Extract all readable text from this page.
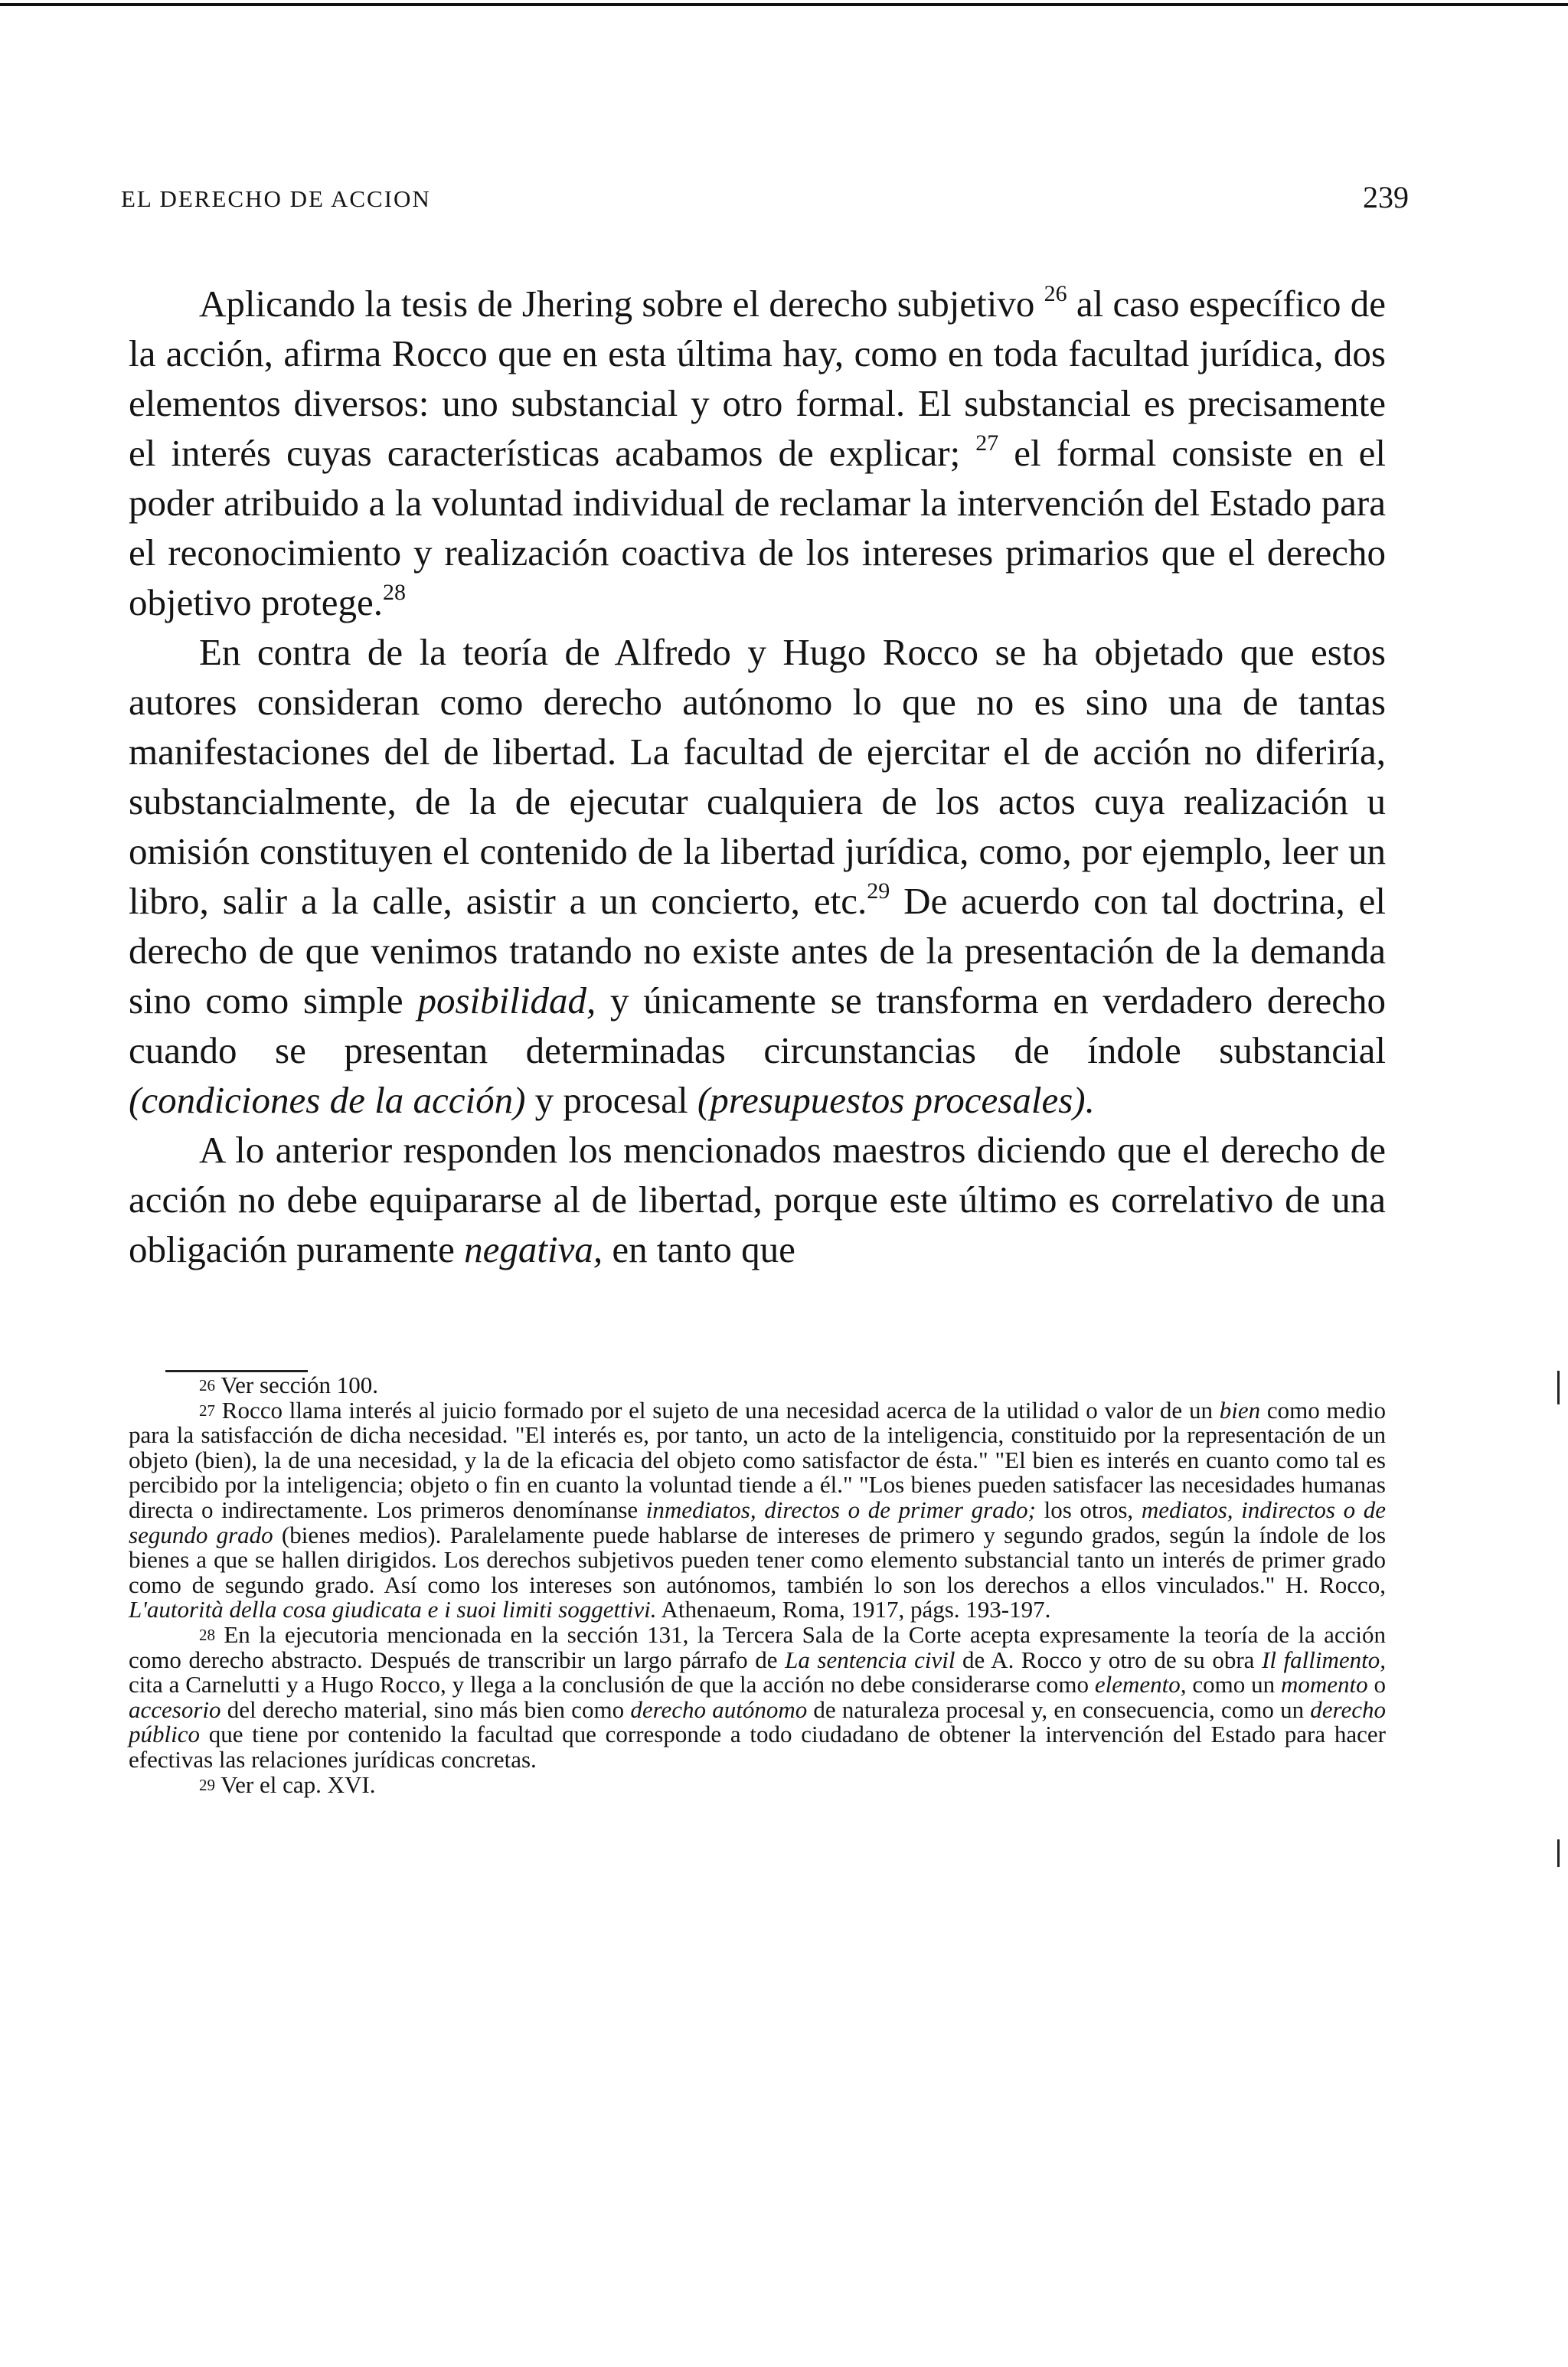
EL DERECHO DE ACCION	239

Aplicando la tesis de Jhering sobre el derecho subjetivo $^{26}$ al caso específico de la acción, afirma Rocco que en esta última hay, como en toda facultad jurídica, dos elementos diversos: uno substancial y otro formal. El substancial es precisamente el interés cuyas características acabamos de explicar; $^{27}$ el formal consiste en el poder atribuido a la voluntad individual de reclamar la intervención del Estado para el reconocimiento y realización coactiva de los intereses primarios que el derecho objetivo protege.$^{28}$

En contra de la teoría de Alfredo y Hugo Rocco se ha objetado que estos autores consideran como derecho autónomo lo que no es sino una de tantas manifestaciones del de libertad. La facultad de ejercitar el de acción no diferiría, substancialmente, de la de ejecutar cualquiera de los actos cuya realización u omisión constituyen el contenido de la libertad jurídica, como, por ejemplo, leer un libro, salir a la calle, asistir a un concierto, etc.$^{29}$ De acuerdo con tal doctrina, el derecho de que venimos tratando no existe antes de la presentación de la demanda sino como simple posibilidad, y únicamente se transforma en verdadero derecho cuando se presentan determinadas circunstancias de índole substancial (condiciones de la acción) y procesal (presupuestos procesales).

A lo anterior responden los mencionados maestros diciendo que el derecho de acción no debe equipararse al de libertad, porque este último es correlativo de una obligación puramente negativa, en tanto que

$^{26}$ Ver sección 100.

$^{27}$ Rocco llama interés al juicio formado por el sujeto de una necesidad acerca de la utilidad o valor de un bien como medio para la satisfacción de dicha necesidad. "El interés es, por tanto, un acto de la inteligencia, constituido por la representación de un objeto (bien), la de una necesidad, y la de la eficacia del objeto como satisfactor de ésta." "El bien es interés en cuanto como tal es percibido por la inteligencia; objeto o fin en cuanto la voluntad tiende a él." "Los bienes pueden satisfacer las necesidades humanas directa o indirectamente. Los primeros denomínanse inmediatos, directos o de primer grado; los otros, mediatos, indirectos o de segundo grado (bienes medios). Paralelamente puede hablarse de intereses de primero y segundo grados, según la índole de los bienes a que se hallen dirigidos. Los derechos subjetivos pueden tener como elemento substancial tanto un interés de primer grado como de segundo grado. Así como los intereses son autónomos, también lo son los derechos a ellos vinculados." H. Rocco, L'autorità della cosa giudicata e i suoi limiti soggettivi. Athenaeum, Roma, 1917, págs. 193-197.

$^{28}$ En la ejecutoria mencionada en la sección 131, la Tercera Sala de la Corte acepta expresamente la teoría de la acción como derecho abstracto. Después de transcribir un largo párrafo de La sentencia civil de A. Rocco y otro de su obra Il fallimento, cita a Carnelutti y a Hugo Rocco, y llega a la conclusión de que la acción no debe considerarse como elemento, como un momento o accesorio del derecho material, sino más bien como derecho autónomo de naturaleza procesal y, en consecuencia, como un derecho público que tiene por contenido la facultad que corresponde a todo ciudadano de obtener la intervención del Estado para hacer efectivas las relaciones jurídicas concretas.

$^{29}$ Ver el cap. XVI.
